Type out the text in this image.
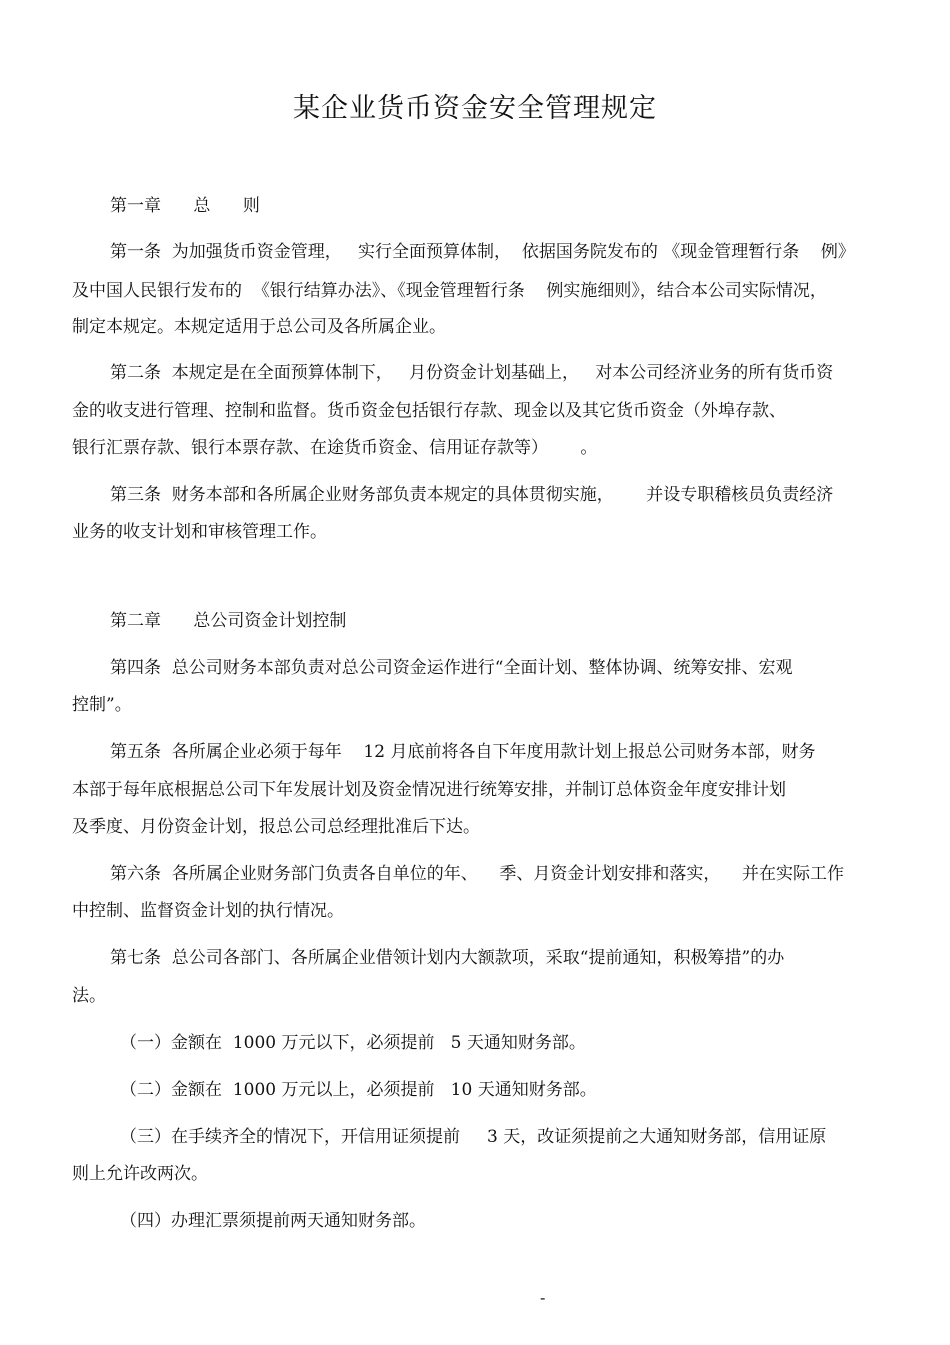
某企业货币资金安全管理规定
第一章      总      则
第一条  为加强货币资金管理，   实行全面预算体制，  依据国务院发布的 《现金管理暂行条    例》
及中国人民银行发布的  《银行结算办法》、《现金管理暂行条    例实施细则》，结合本公司实际情况，
制定本规定。本规定适用于总公司及各所属企业。
第二条  本规定是在全面预算体制下，   月份资金计划基础上，   对本公司经济业务的所有货币资
金的收支进行管理、控制和监督。货币资金包括银行存款、现金以及其它货币资金（外埠存款、
银行汇票存款、银行本票存款、在途货币资金、信用证存款等）      。
第三条  财务本部和各所属企业财务部负责本规定的具体贯彻实施，      并设专职稽核员负责经济
业务的收支计划和审核管理工作。
第二章      总公司资金计划控制
第四条  总公司财务本部负责对总公司资金运作进行“全面计划、整体协调、统筹安排、宏观
控制”。
第五条  各所属企业必须于每年    12 月底前将各自下年度用款计划上报总公司财务本部，财务
本部于每年底根据总公司下年发展计划及资金情况进行统筹安排，并制订总体资金年度安排计划
及季度、月份资金计划，报总公司总经理批准后下达。
第六条  各所属企业财务部门负责各自单位的年、    季、月资金计划安排和落实，    并在实际工作
中控制、监督资金计划的执行情况。
第七条  总公司各部门、各所属企业借领计划内大额款项，采取“提前通知，积极筹措”的办
法。
（一）金额在  1000 万元以下，必须提前   5 天通知财务部。
（二）金额在  1000 万元以上，必须提前   10 天通知财务部。
（三）在手续齐全的情况下，开信用证须提前     3 天，改证须提前之大通知财务部，信用证原
则上允许改两次。
（四）办理汇票须提前两天通知财务部。
-
